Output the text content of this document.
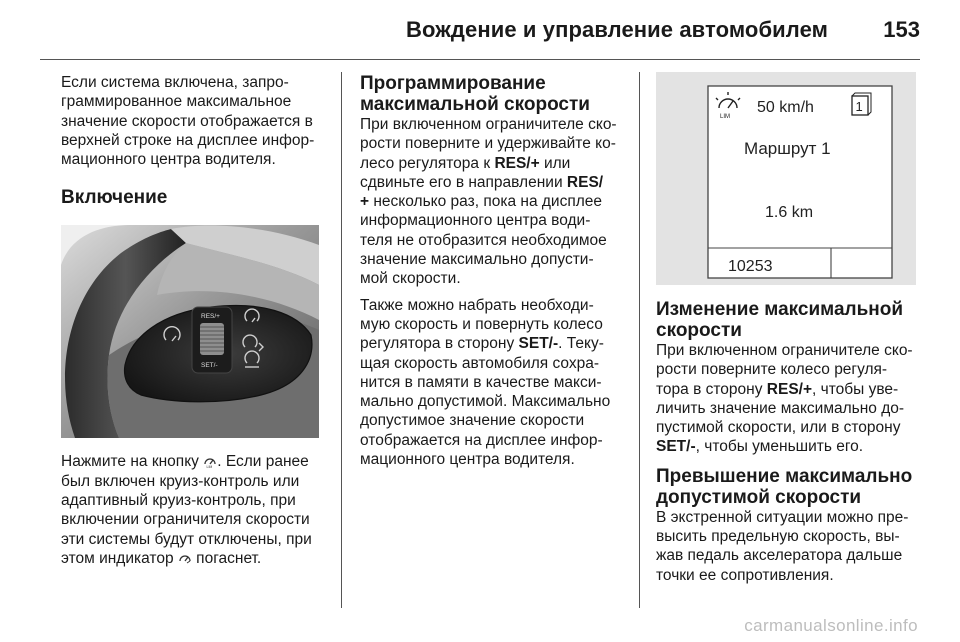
Вождение и управление автомобилем	153

Если система включена, запро-
граммированное максимальное
значение скорости отображается в
верхней строке на дисплее инфор-
мационного центра водителя.

Включение
RES/+
SET/-

Нажмите на кнопку LIM . Если ранее
был включен круиз-контроль или
адаптивный круиз-контроль, при
включении ограничителя скорости
эти системы будут отключены, при
этом индикатор  погаснет.

Программирование
максимальной скорости

При включенном ограничителе ско-
рости поверните и удерживайте ко-
лесо регулятора к RES/+ или
сдвиньте его в направлении RES/
+ несколько раз, пока на дисплее
информационного центра води-
теля не отобразится необходимое
значение максимально допусти-
мой скорости.

Также можно набрать необходи-
мую скорость и повернуть колесо
регулятора в сторону SET/-. Теку-
щая скорость автомобиля сохра-
нится в памяти в качестве макси-
мально допустимой. Максимально
допустимое значение скорости
отображается на дисплее инфор-
мационного центра водителя.

LIM
50 km/h	1
Маршрут 1
1.6 km
10253
Изменение максимальной
скорости

При включенном ограничителе ско-
рости поверните колесо регуля-
тора в сторону RES/+, чтобы уве-
личить значение максимально до-
пустимой скорости, или в сторону
SET/-, чтобы уменьшить его.

Превышение максимально
допустимой скорости

В экстренной ситуации можно пре-
высить предельную скорость, вы-
жав педаль акселератора дальше
точки ее сопротивления.

carmanualsonline.info
